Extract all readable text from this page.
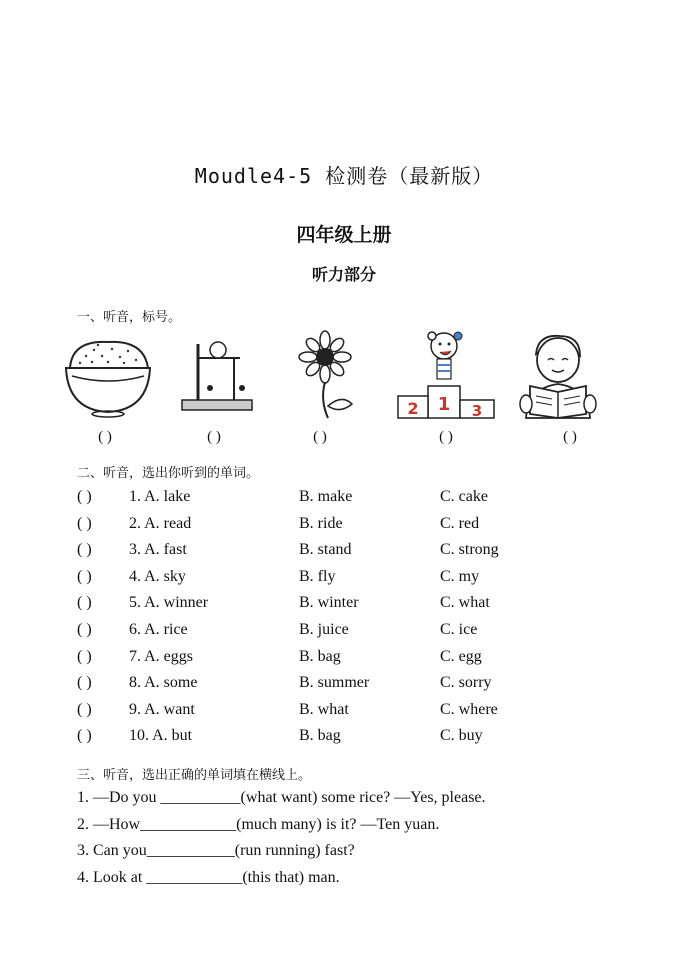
Moudle4-5 检测卷（最新版）
四年级上册
听力部分
一、听音，标号。
1
2	3
( )	( )	( )	( )	( )
二、听音，选出你听到的单词。
( ) 1. A. lake	B. make	C. cake
( ) 2. A. read	B. ride	C. red
( ) 3. A. fast	B. stand	C. strong
( ) 4. A. sky	B. fly	C. my
( ) 5. A. winner	B. winter	C. what
( ) 6. A. rice	B. juice	C. ice
( ) 7. A. eggs	B. bag	C. egg
( ) 8. A. some	B. summer	C. sorry
( ) 9. A. want	B. what	C. where
( ) 10. A. but	B. bag	C. buy
三、听音，选出正确的单词填在横线上。
1. —Do you __________(what want) some rice? —Yes, please.
2. —How____________(much many) is it? —Ten yuan.
3. Can you___________(run running) fast?
4. Look at ____________(this that) man.
